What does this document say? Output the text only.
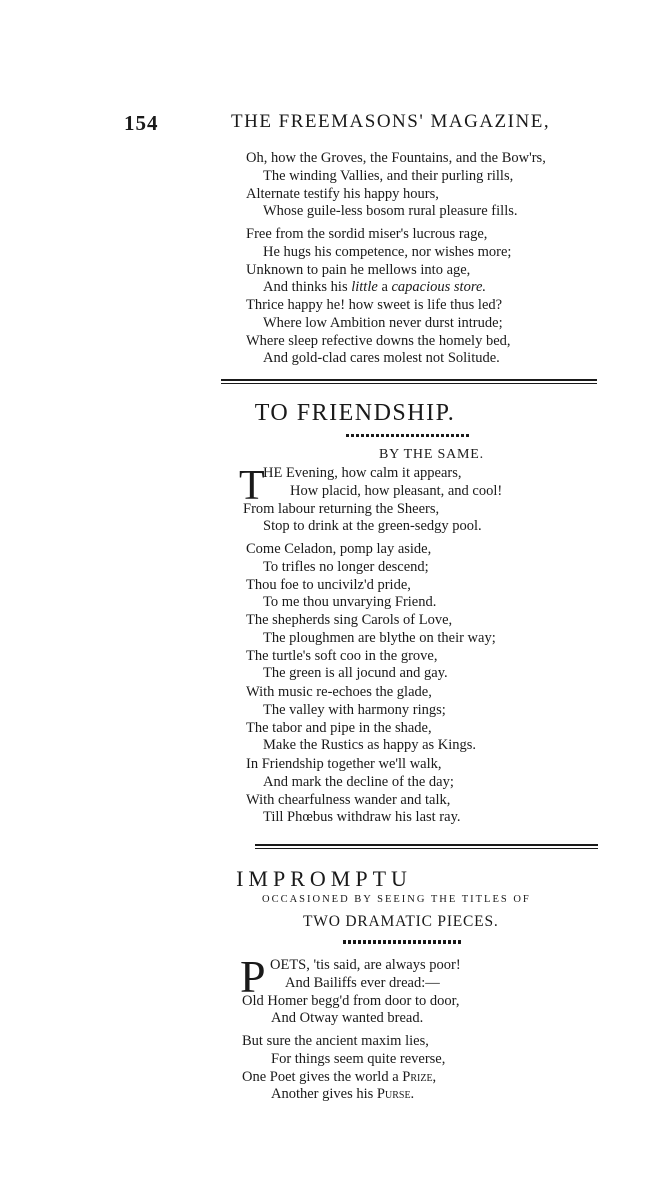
154	THE FREEMASONS' MAGAZINE,
Oh, how the Groves, the Fountains, and the Bow'rs,
The winding Vallies, and their purling rills,
Alternate testify his happy hours,
Whose guile-less bosom rural pleasure fills.
Free from the sordid miser's lucrous rage,
He hugs his competence, nor wishes more;
Unknown to pain he mellows into age,
And thinks his little a capacious store.
Thrice happy he! how sweet is life thus led?
Where low Ambition never durst intrude;
Where sleep refective downs the homely bed,
And gold-clad cares molest not Solitude.
TO FRIENDSHIP.
BY THE SAME.
T
HE Evening, how calm it appears,
How placid, how pleasant, and cool!
From labour returning the Sheers,
Stop to drink at the green-sedgy pool.
Come Celadon, pomp lay aside,
To trifles no longer descend;
Thou foe to uncivilz'd pride,
To me thou unvarying Friend.
The shepherds sing Carols of Love,
The ploughmen are blythe on their way;
The turtle's soft coo in the grove,
The green is all jocund and gay.
With music re-echoes the glade,
The valley with harmony rings;
The tabor and pipe in the shade,
Make the Rustics as happy as Kings.
In Friendship together we'll walk,
And mark the decline of the day;
With chearfulness wander and talk,
Till Phœbus withdraw his last ray.
IMPROMPTU
OCCASIONED BY SEEING THE TITLES OF
TWO DRAMATIC PIECES.
P OETS, 'tis said, are always poor!
And Bailiffs ever dread:—
Old Homer begg'd from door to door,
And Otway wanted bread.
But sure the ancient maxim lies,
For things seem quite reverse,
One Poet gives the world a Prize,
Another gives his Purse.
